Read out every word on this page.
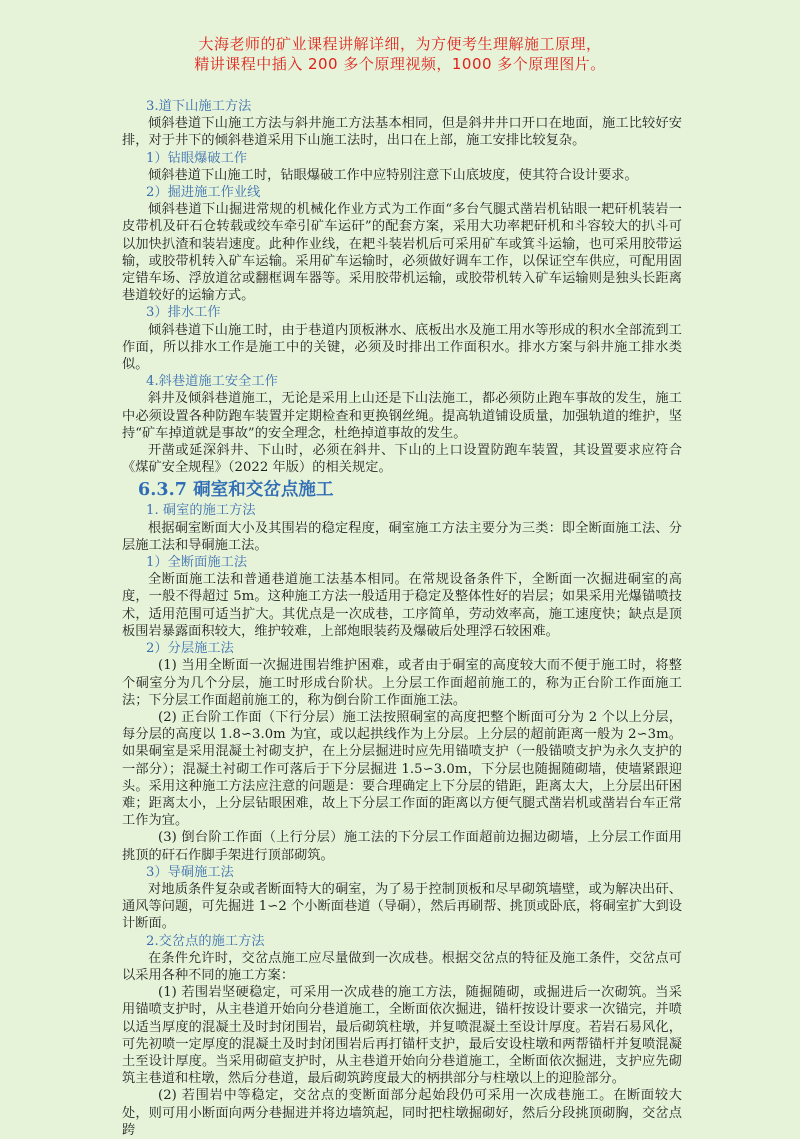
大海老师的矿业课程讲解详细，为方便考生理解施工原理，
精讲课程中插入 200 多个原理视频，1000 多个原理图片。
3.道下山施工方法
倾斜巷道下山施工方法与斜井施工方法基本相同，但是斜井井口开口在地面，施工比较好安排，对于井下的倾斜巷道采用下山施工法时，出口在上部，施工安排比较复杂。
1）钻眼爆破工作
倾斜巷道下山施工时，钻眼爆破工作中应特别注意下山底坡度，使其符合设计要求。
2）掘进施工作业线
倾斜巷道下山掘进常规的机械化作业方式为工作面“多台气腿式凿岩机钻眼一耙矸机装岩一皮带机及矸石仓转载或绞车牵引矿车运矸”的配套方案，采用大功率耙矸机和斗容较大的扒斗可以加快扒渣和装岩速度。此种作业线，在耙斗装岩机后可采用矿车或箕斗运输，也可采用胶带运输，或胶带机转入矿车运输。采用矿车运输时，必须做好调车工作，以保证空车供应，可配用固定错车场、浮放道岔或翻框调车器等。采用胶带机运输，或胶带机转入矿车运输则是独头长距离巷道较好的运输方式。
3）排水工作
倾斜巷道下山施工时，由于巷道内顶板淋水、底板出水及施工用水等形成的积水全部流到工作面，所以排水工作是施工中的关键，必须及时排出工作面积水。排水方案与斜井施工排水类似。
4.斜巷道施工安全工作
斜井及倾斜巷道施工，无论是采用上山还是下山法施工，都必须防止跑车事故的发生，施工中必须设置各种防跑车装置并定期检查和更换钢丝绳。提高轨道铺设质量，加强轨道的维护，坚持“矿车掉道就是事故”的安全理念，杜绝掉道事故的发生。
开凿或延深斜井、下山时，必须在斜井、下山的上口设置防跑车装置，其设置要求应符合《煤矿安全规程》（2022 年版）的相关规定。
6.3.7 硐室和交岔点施工
1. 硐室的施工方法
根据硐室断面大小及其围岩的稳定程度，硐室施工方法主要分为三类：即全断面施工法、分层施工法和导硐施工法。
1）全断面施工法
全断面施工法和普通巷道施工法基本相同。在常规设备条件下，全断面一次掘进硐室的高度，一般不得超过 5m。这种施工方法一般适用于稳定及整体性好的岩层；如果采用光爆锚喷技术，适用范围可适当扩大。其优点是一次成巷，工序简单，劳动效率高，施工速度快；缺点是顶板围岩暴露面积较大，维护较难，上部炮眼装药及爆破后处理浮石较困难。
2）分层施工法
(1) 当用全断面一次掘进围岩维护困难，或者由于硐室的高度较大而不便于施工时，将整个硐室分为几个分层，施工时形成台阶状。上分层工作面超前施工的，称为正台阶工作面施工法；下分层工作面超前施工的，称为倒台阶工作面施工法。
(2) 正台阶工作面（下行分层）施工法按照硐室的高度把整个断面可分为 2 个以上分层，每分层的高度以 1.8∽3.0m 为宜，或以起拱线作为上分层。上分层的超前距离一般为 2∽3m。如果硐室是采用混凝土衬砌支护，在上分层掘进时应先用锚喷支护（一般锚喷支护为永久支护的一部分）；混凝土衬砌工作可落后于下分层掘进 1.5∽3.0m，下分层也随掘随砌墙，使墙紧跟迎头。采用这种施工方法应注意的问题是：要合理确定上下分层的错距，距离太大，上分层出矸困难；距离太小，上分层钻眼困难，故上下分层工作面的距离以方便气腿式凿岩机或凿岩台车正常工作为宜。
(3) 倒台阶工作面（上行分层）施工法的下分层工作面超前边掘边砌墙，上分层工作面用挑顶的矸石作脚手架进行顶部砌筑。
3）导硐施工法
对地质条件复杂或者断面特大的硐室，为了易于控制顶板和尽早砌筑墙壁，或为解决出矸、通风等问题，可先掘进 1∽2 个小断面巷道（导硐），然后再刷帮、挑顶或卧底，将硐室扩大到设计断面。
2.交岔点的施工方法
在条件允许时，交岔点施工应尽量做到一次成巷。根据交岔点的特征及施工条件，交岔点可以采用各种不同的施工方案：
(1) 若围岩坚硬稳定，可采用一次成巷的施工方法，随掘随砌，或掘进后一次砌筑。当采用锚喷支护时，从主巷道开始向分巷道施工，全断面依次掘进，锚杆按设计要求一次锚完，并喷以适当厚度的混凝土及时封闭围岩，最后砌筑柱墩，并复喷混凝土至设计厚度。若岩石易风化，可先初喷一定厚度的混凝土及时封闭围岩后再打锚杆支护，最后安设柱墩和两帮锚杆并复喷混凝土至设计厚度。当采用砌碹支护时，从主巷道开始向分巷道施工，全断面依次掘进，支护应先砌筑主巷道和柱墩，然后分巷道，最后砌筑跨度最大的柄拱部分与柱墩以上的迎脸部分。
(2) 若围岩中等稳定，交岔点的变断面部分起始段仍可采用一次成巷施工。在断面较大处，则可用小断面向两分巷掘进并将边墙筑起，同时把柱墩掘砌好，然后分段挑顶砌胸，交岔点跨
